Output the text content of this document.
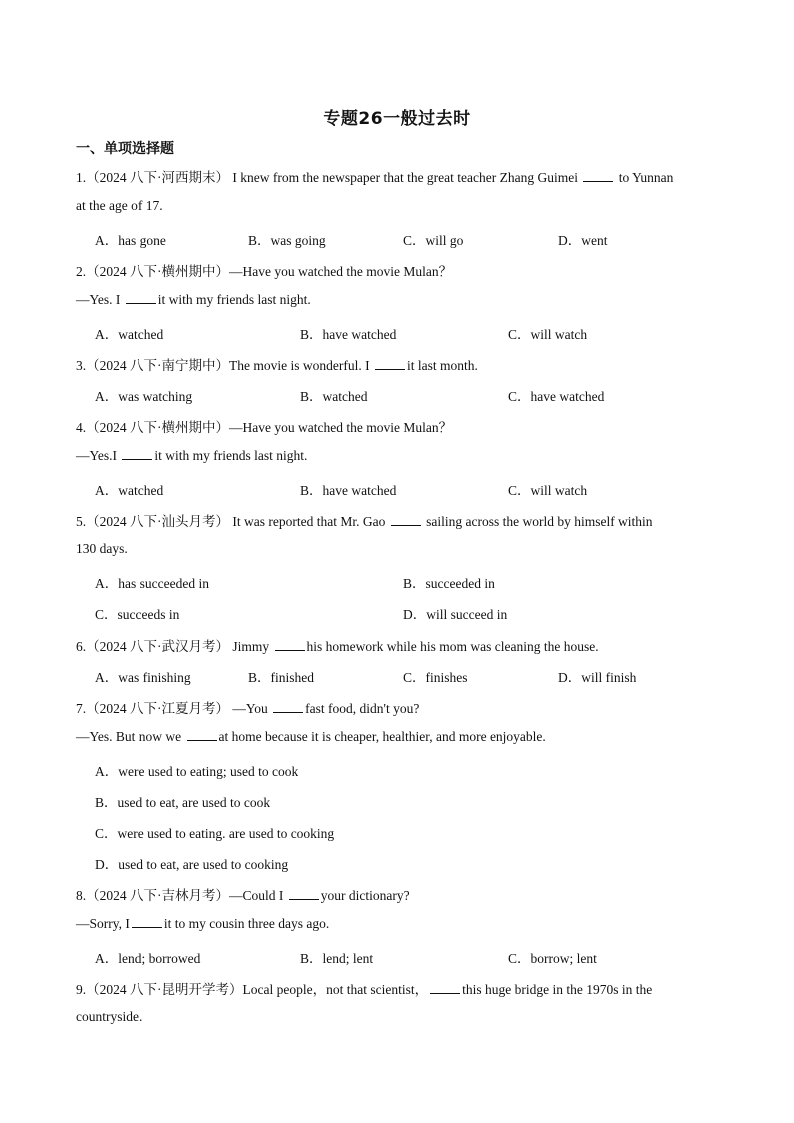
专题26一般过去时
一、单项选择题
1.（2024 八下·河西期末） I knew from the newspaper that the great teacher Zhang Guimei	to Yunnan
at the age of 17.
A．has gone	B．was going	C．will go	D．went
2.（2024 八下·横州期中）—Have you watched the movie Mulan？
—Yes. I	it with my friends last night.
A．watched	B．have watched	C．will watch
3.（2024 八下·南宁期中）The movie is wonderful. I	it last month.
A．was watching	B．watched	C．have watched
4.（2024 八下·横州期中）—Have you watched the movie Mulan？
—Yes.I	it with my friends last night.
A．watched	B．have watched	C．will watch
5.（2024 八下·汕头月考） It was reported that Mr. Gao	sailing across the world by himself within
130 days.
A．has succeeded in	B．succeeded in
C．succeeds in	D．will succeed in
6.（2024 八下·武汉月考） Jimmy	his homework while his mom was cleaning the house.
A．was finishing	B．finished	C．finishes	D．will finish
7.（2024 八下·江夏月考） —You	fast food, didn't you?
—Yes. But now we	at home because it is cheaper, healthier, and more enjoyable.
A．were used to eating; used to cook
B．used to eat, are used to cook
C．were used to eating. are used to cooking
D．used to eat, are used to cooking
8.（2024 八下·吉林月考）—Could I	your dictionary?
—Sorry, I	it to my cousin three days ago.
A．lend; borrowed	B．lend; lent	C．borrow; lent
9.（2024 八下·昆明开学考）Local people，not that scientist，	this huge bridge in the 1970s in the
countryside.
